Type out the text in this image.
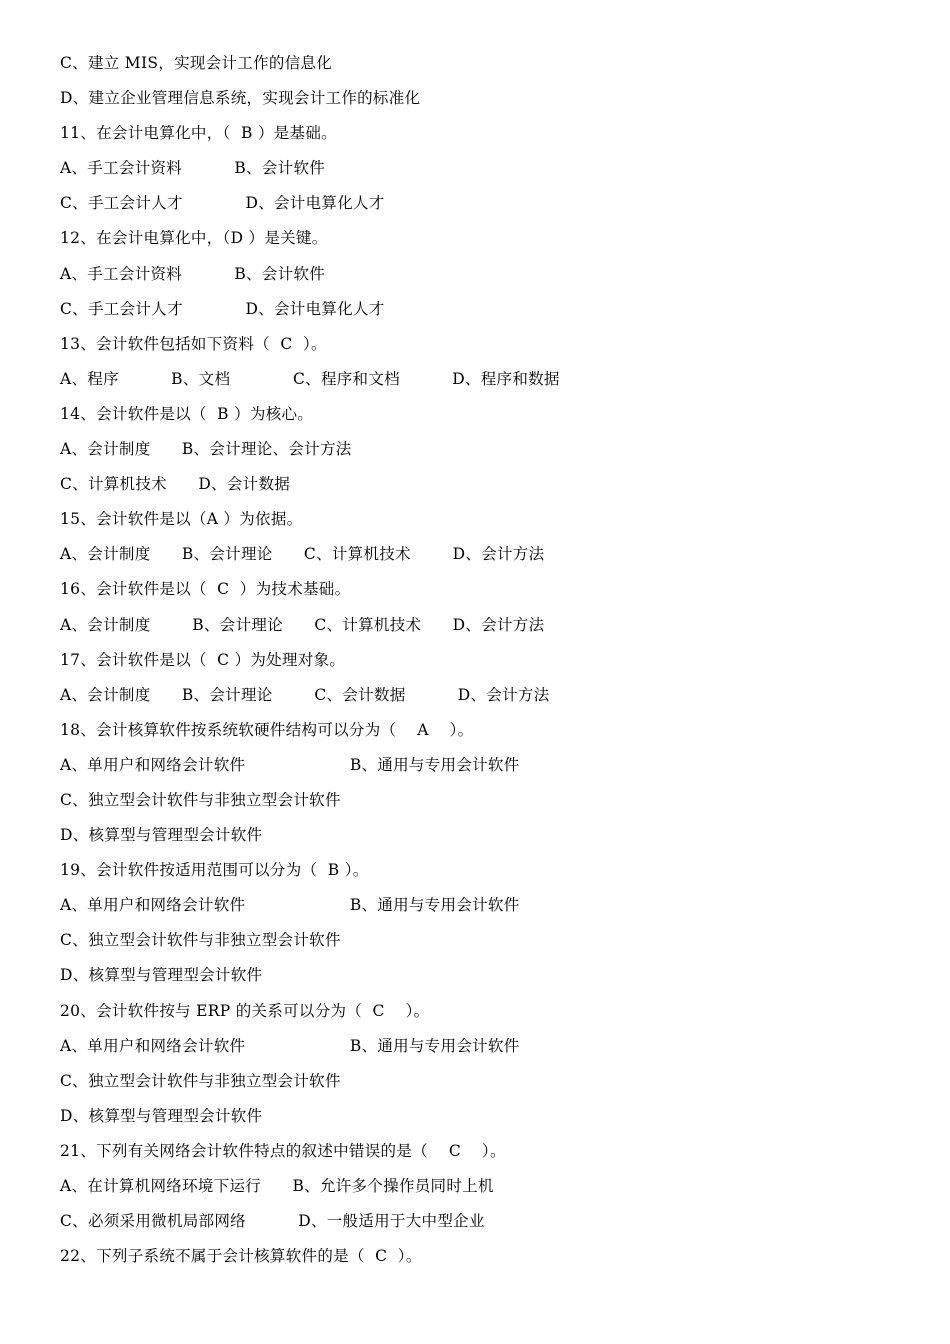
C、建立 MIS，实现会计工作的信息化
D、建立企业管理信息系统，实现会计工作的标准化
11、在会计电算化中，（  B ）是基础。
A、手工会计资料          B、会计软件
C、手工会计人才            D、会计电算化人才
12、在会计电算化中，（D ）是关键。
A、手工会计资料          B、会计软件
C、手工会计人才            D、会计电算化人才
13、会计软件包括如下资料（  C  ）。
A、程序          B、文档            C、程序和文档          D、程序和数据
14、会计软件是以（  B ）为核心。
A、会计制度      B、会计理论、会计方法
C、计算机技术      D、会计数据
15、会计软件是以（A ）为依据。
A、会计制度      B、会计理论      C、计算机技术        D、会计方法
16、会计软件是以（  C  ）为技术基础。
A、会计制度        B、会计理论      C、计算机技术      D、会计方法
17、会计软件是以（  C ）为处理对象。
A、会计制度      B、会计理论        C、会计数据          D、会计方法
18、会计核算软件按系统软硬件结构可以分为（    A    ）。
A、单用户和网络会计软件                    B、通用与专用会计软件
C、独立型会计软件与非独立型会计软件
D、核算型与管理型会计软件
19、会计软件按适用范围可以分为（  B ）。
A、单用户和网络会计软件                    B、通用与专用会计软件
C、独立型会计软件与非独立型会计软件
D、核算型与管理型会计软件
20、会计软件按与 ERP 的关系可以分为（  C    ）。
A、单用户和网络会计软件                    B、通用与专用会计软件
C、独立型会计软件与非独立型会计软件
D、核算型与管理型会计软件
21、下列有关网络会计软件特点的叙述中错误的是（    C    ）。
A、在计算机网络环境下运行      B、允许多个操作员同时上机
C、必须采用微机局部网络          D、一般适用于大中型企业
22、下列子系统不属于会计核算软件的是（  C  ）。
